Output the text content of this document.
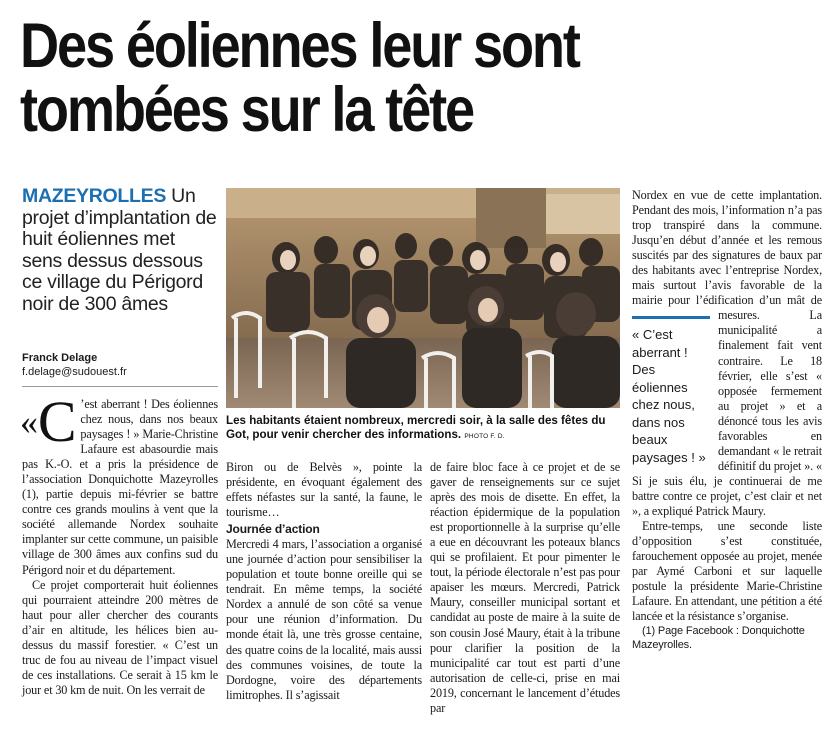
Des éoliennes leur sont
tombées sur la tête
MAZEYROLLES Un projet d’implantation de huit éoliennes met sens dessus dessous ce village du Périgord noir de 300 âmes
Franck Delage
f.delage@sudouest.fr

«C ’est aberrant ! Des éoliennes chez nous, dans nos beaux paysages ! » Marie-Christine Lafaure est abasourdie mais pas K.-O. et a pris la présidence de l’association Donquichotte Mazeyrolles (1), partie depuis mi-février se battre contre ces grands moulins à vent que la société allemande Nordex souhaite implanter sur cette commune, un paisible village de 300 âmes aux confins sud du Périgord noir et du département.

Ce projet comporterait huit éoliennes qui pourraient atteindre 200 mètres de haut pour aller chercher des courants d’air en altitude, les hélices bien au-dessus du massif forestier. « C’est un truc de fou au niveau de l’impact visuel de ces installations. Ce serait à 15 km le jour et 30 km de nuit. On les verrait de

Les habitants étaient nombreux, mercredi soir, à la salle des fêtes du Got, pour venir chercher des informations. PHOTO F. D.

Biron ou de Belvès », pointe la présidente, en évoquant également des effets néfastes sur la santé, la faune, le tourisme…

Journée d’action

Mercredi 4 mars, l’association a organisé une journée d’action pour sensibiliser la population et toute bonne oreille qui se tendrait. En même temps, la société Nordex a annulé de son côté sa venue pour une réunion d’information. Du monde était là, une très grosse centaine, des quatre coins de la localité, mais aussi des communes voisines, de toute la Dordogne, voire des départements limitrophes. Il s’agissait

de faire bloc face à ce projet et de se gaver de renseignements sur ce sujet après des mois de disette. En effet, la réaction épidermique de la population est proportionnelle à la surprise qu’elle a eue en découvrant les poteaux blancs qui se profilaient. Et pour pimenter le tout, la période électorale n’est pas pour apaiser les mœurs. Mercredi, Patrick Maury, conseiller municipal sortant et candidat au poste de maire à la suite de son cousin José Maury, était à la tribune pour clarifier la position de la municipalité car tout est parti d’une autorisation de celle-ci, prise en mai 2019, concernant le lancement d’études par

Nordex en vue de cette implantation. Pendant des mois, l’information n’a pas trop transpiré dans la commune. Jusqu’en début d’année et les remous suscités par des signatures de baux par des habitants avec l’entreprise Nordex, mais surtout l’avis favorable de la mairie pour l’édification d’un mât de mesures. La municipalité a finalement fait vent contraire. Le 18 février, elle s’est « opposée fermement au projet » et a dénoncé tous les avis favorables en demandant « le retrait définitif du projet ». « Si je suis élu, je continuerai de me battre contre ce projet, c’est clair et net », a expliqué Patrick Maury.

Entre-temps, une seconde liste d’opposition s’est constituée, farouchement opposée au projet, menée par Aymé Carboni et sur laquelle postule la présidente Marie-Christine Lafaure. En attendant, une pétition a été lancée et la résistance s’organise.

(1) Page Facebook : Donquichotte Mazeyrolles.

« C’est aberrant ! Des éoliennes chez nous, dans nos beaux paysages ! »
